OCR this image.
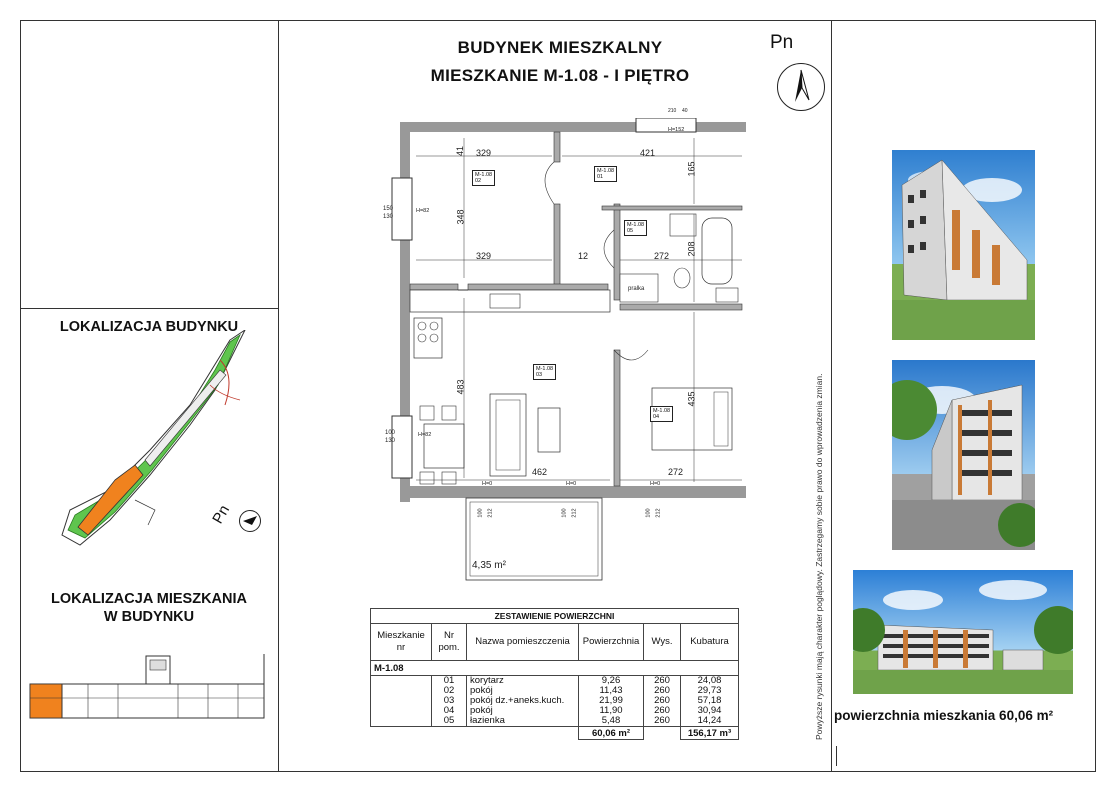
BUDYNEK MIESZKALNY
MIESZKANIE M-1.08 - I PIĘTRO
Pn
LOKALIZACJA BUDYNKU
Pn
LOKALIZACJA MIESZKANIA
W BUDYNKU
329	421
41
165
348
329	12	272 208
483
435
462	272
150
130
100
130
H=82
H=82
H=152
210 40
H=0	H=0	H=0
100 212	100 212	100 212
M-1.08
02
M-1.08
01
M-1.08
05
M-1.08
03
M-1.08
04
pralka
4,35 m²
ZESTAWIENIE POWIERZCHNI					
Mieszkanie nr	Nr pom.	Nazwa pomieszczenia	Powierzchnia	Wys.	Kubatura
M-1.08					
	01	korytarz	9,26	260	24,08
	02	pokój	11,43	260	29,73
	03	pokój dz.+aneks.kuch.	21,99	260	57,18
	04	pokój	11,90	260	30,94
	05	łazienka	5,48	260	14,24
			60,06 m²		156,17 m³	Powyższe rysunki mają charakter poglądowy. Zastrzegamy sobie prawo do wprowadzenia zmian. powierzchnia mieszkania 60,06 m²
